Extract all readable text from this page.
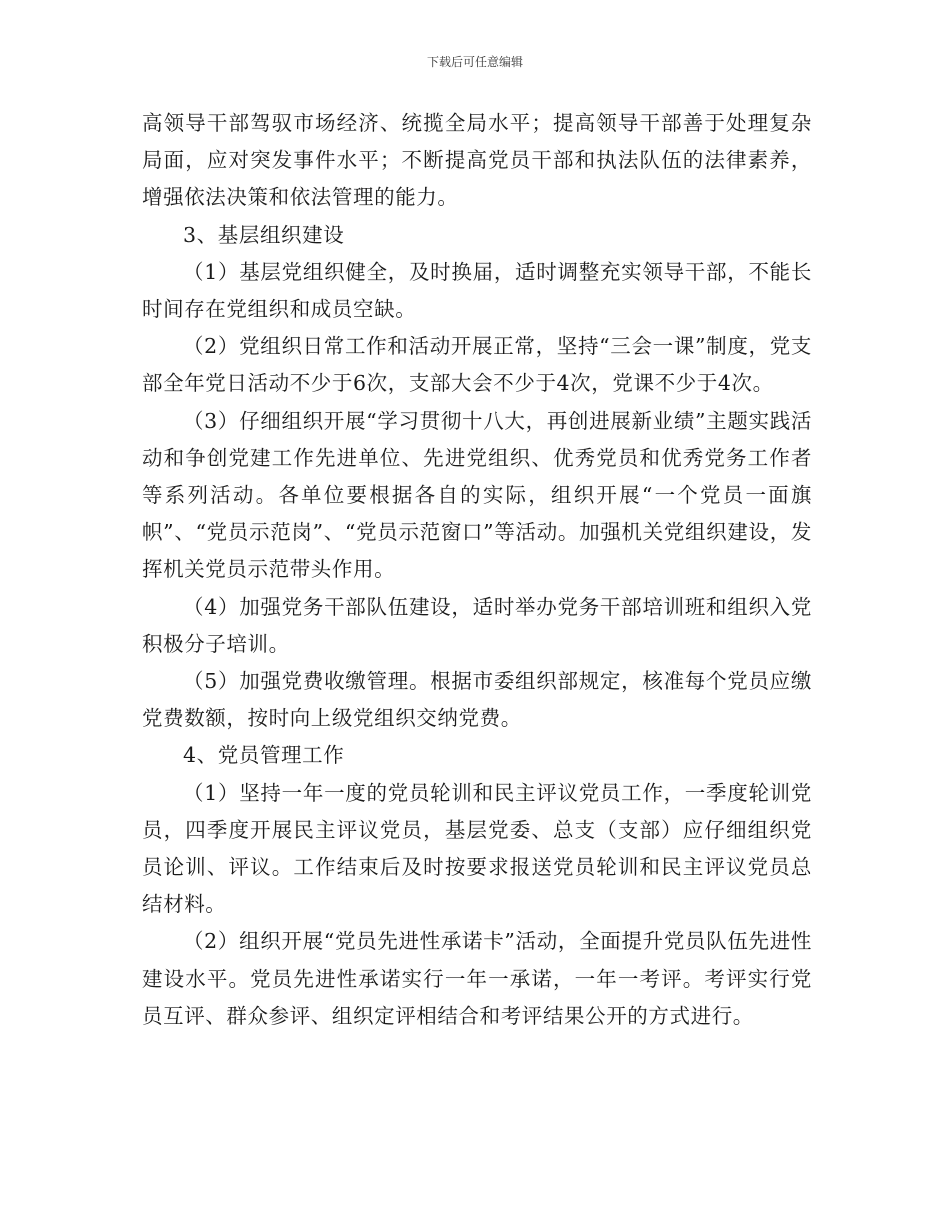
下载后可任意编辑

高领导干部驾驭市场经济、统揽全局水平；提高领导干部善于处理复杂局面，应对突发事件水平；不断提高党员干部和执法队伍的法律素养，增强依法决策和依法管理的能力。

3、基层组织建设

（1）基层党组织健全，及时换届，适时调整充实领导干部，不能长时间存在党组织和成员空缺。

（2）党组织日常工作和活动开展正常，坚持“三会一课”制度，党支部全年党日活动不少于6次，支部大会不少于4次，党课不少于4次。

（3）仔细组织开展“学习贯彻十八大，再创进展新业绩”主题实践活动和争创党建工作先进单位、先进党组织、优秀党员和优秀党务工作者等系列活动。各单位要根据各自的实际，组织开展“一个党员一面旗帜”、“党员示范岗”、“党员示范窗口”等活动。加强机关党组织建设，发挥机关党员示范带头作用。

（4）加强党务干部队伍建设，适时举办党务干部培训班和组织入党积极分子培训。

（5）加强党费收缴管理。根据市委组织部规定，核准每个党员应缴党费数额，按时向上级党组织交纳党费。

4、党员管理工作

（1）坚持一年一度的党员轮训和民主评议党员工作，一季度轮训党员，四季度开展民主评议党员，基层党委、总支（支部）应仔细组织党员论训、评议。工作结束后及时按要求报送党员轮训和民主评议党员总结材料。

（2）组织开展“党员先进性承诺卡”活动，全面提升党员队伍先进性建设水平。党员先进性承诺实行一年一承诺，一年一考评。考评实行党员互评、群众参评、组织定评相结合和考评结果公开的方式进行。
